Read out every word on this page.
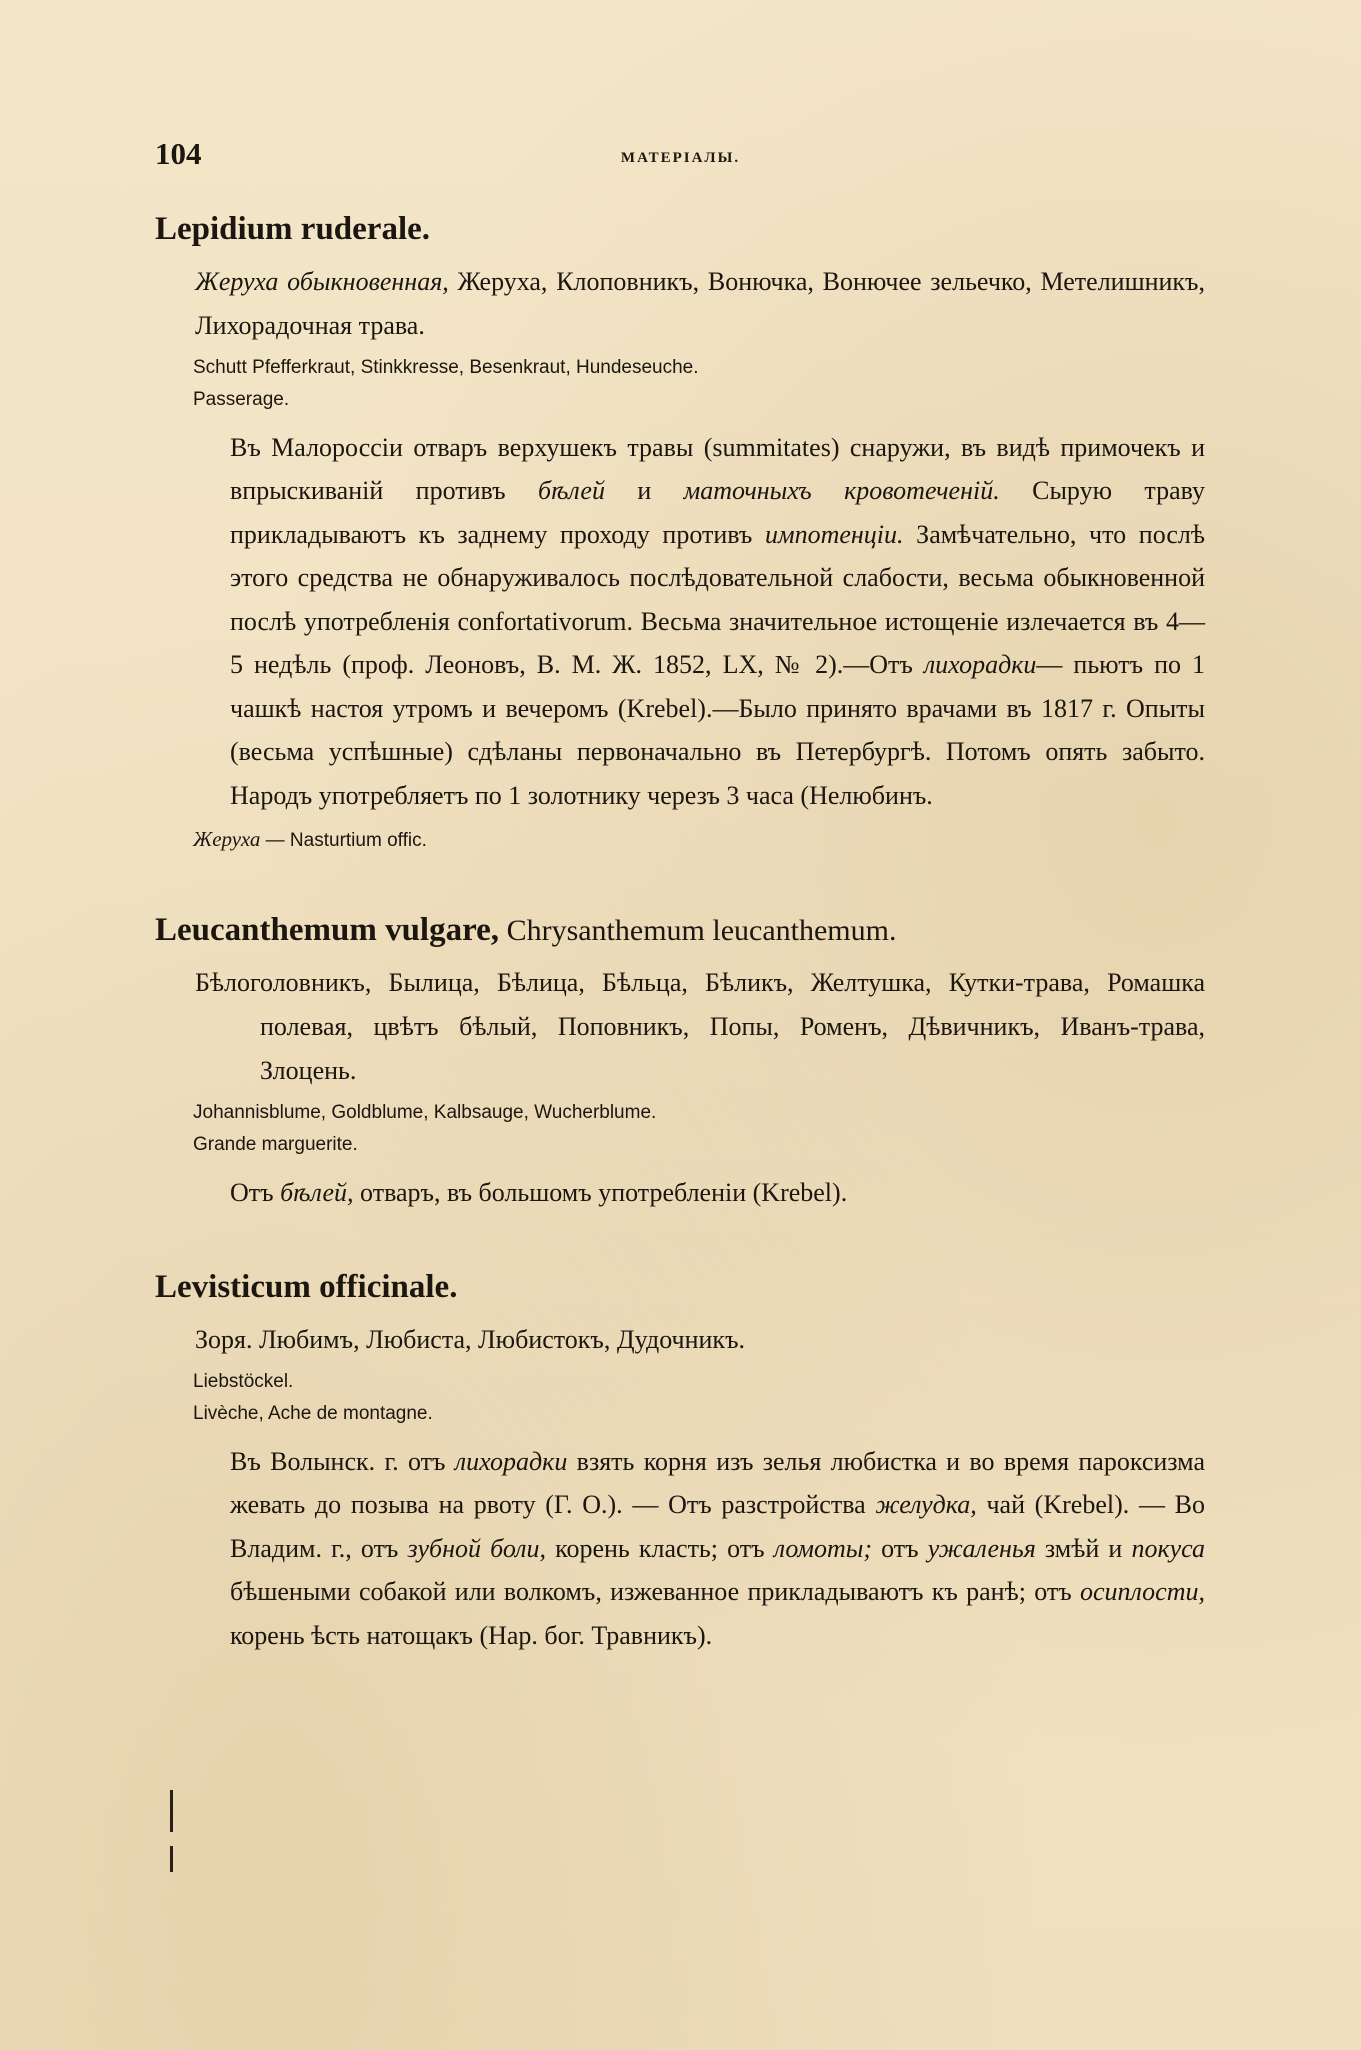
104	МАТЕРІАЛЫ.
Lepidium ruderale.

Жеруха обыкновенная, Жеруха, Клоповникъ, Вонючка, Вонючее зельечко, Метелишникъ, Лихорадочная трава.

Schutt Pfefferkraut, Stinkkresse, Besenkraut, Hundeseuche.
Passerage.

Въ Малороссіи отваръ верхушекъ травы (summitates) снаружи, въ видѣ примочекъ и впрыскиваній противъ бѣлей и маточныхъ кровотеченій. Сырую траву прикладываютъ къ заднему проходу противъ импотенціи. Замѣчательно, что послѣ этого средства не обнаруживалось послѣдовательной слабости, весьма обыкновенной послѣ употребленія confortativorum. Весьма значительное истощеніе излечается въ 4—5 недѣль (проф. Леоновъ, В. М. Ж. 1852, LX, № 2).—Отъ лихорадки— пьютъ по 1 чашкѣ настоя утромъ и вечеромъ (Krebel).—Было принято врачами въ 1817 г. Опыты (весьма успѣшные) сдѣланы первоначально въ Петербургѣ. Потомъ опять забыто. Народъ употребляетъ по 1 золотнику черезъ 3 часа (Нелюбинъ.

Жеруха — Nasturtium offic.
Leucanthemum vulgare, Chrysanthemum leucanthemum.

Бѣлоголовникъ, Былица, Бѣлица, Бѣльца, Бѣликъ, Желтушка, Кутки-трава, Ромашка полевая, цвѣтъ бѣлый, Поповникъ, Попы, Роменъ, Дѣвичникъ, Иванъ-трава, Злоцень.

Johannisblume, Goldblume, Kalbsauge, Wucherblume.
Grande marguerite.

Отъ бѣлей, отваръ, въ большомъ употребленіи (Krebel).

Levisticum officinale.

Зоря. Любимъ, Любиста, Любистокъ, Дудочникъ.

Liebstöckel.
Livèche, Ache de montagne.

Въ Волынск. г. отъ лихорадки взять корня изъ зелья любистка и во время пароксизма жевать до позыва на рвоту (Г. О.). — Отъ разстройства желудка, чай (Krebel). — Во Владим. г., отъ зубной боли, корень класть; отъ ломоты; отъ ужаленья змѣй и покуса бѣшеными собакой или волкомъ, изжеванное прикладываютъ къ ранѣ; отъ осиплости, корень ѣсть натощакъ (Нар. бог. Травникъ).
